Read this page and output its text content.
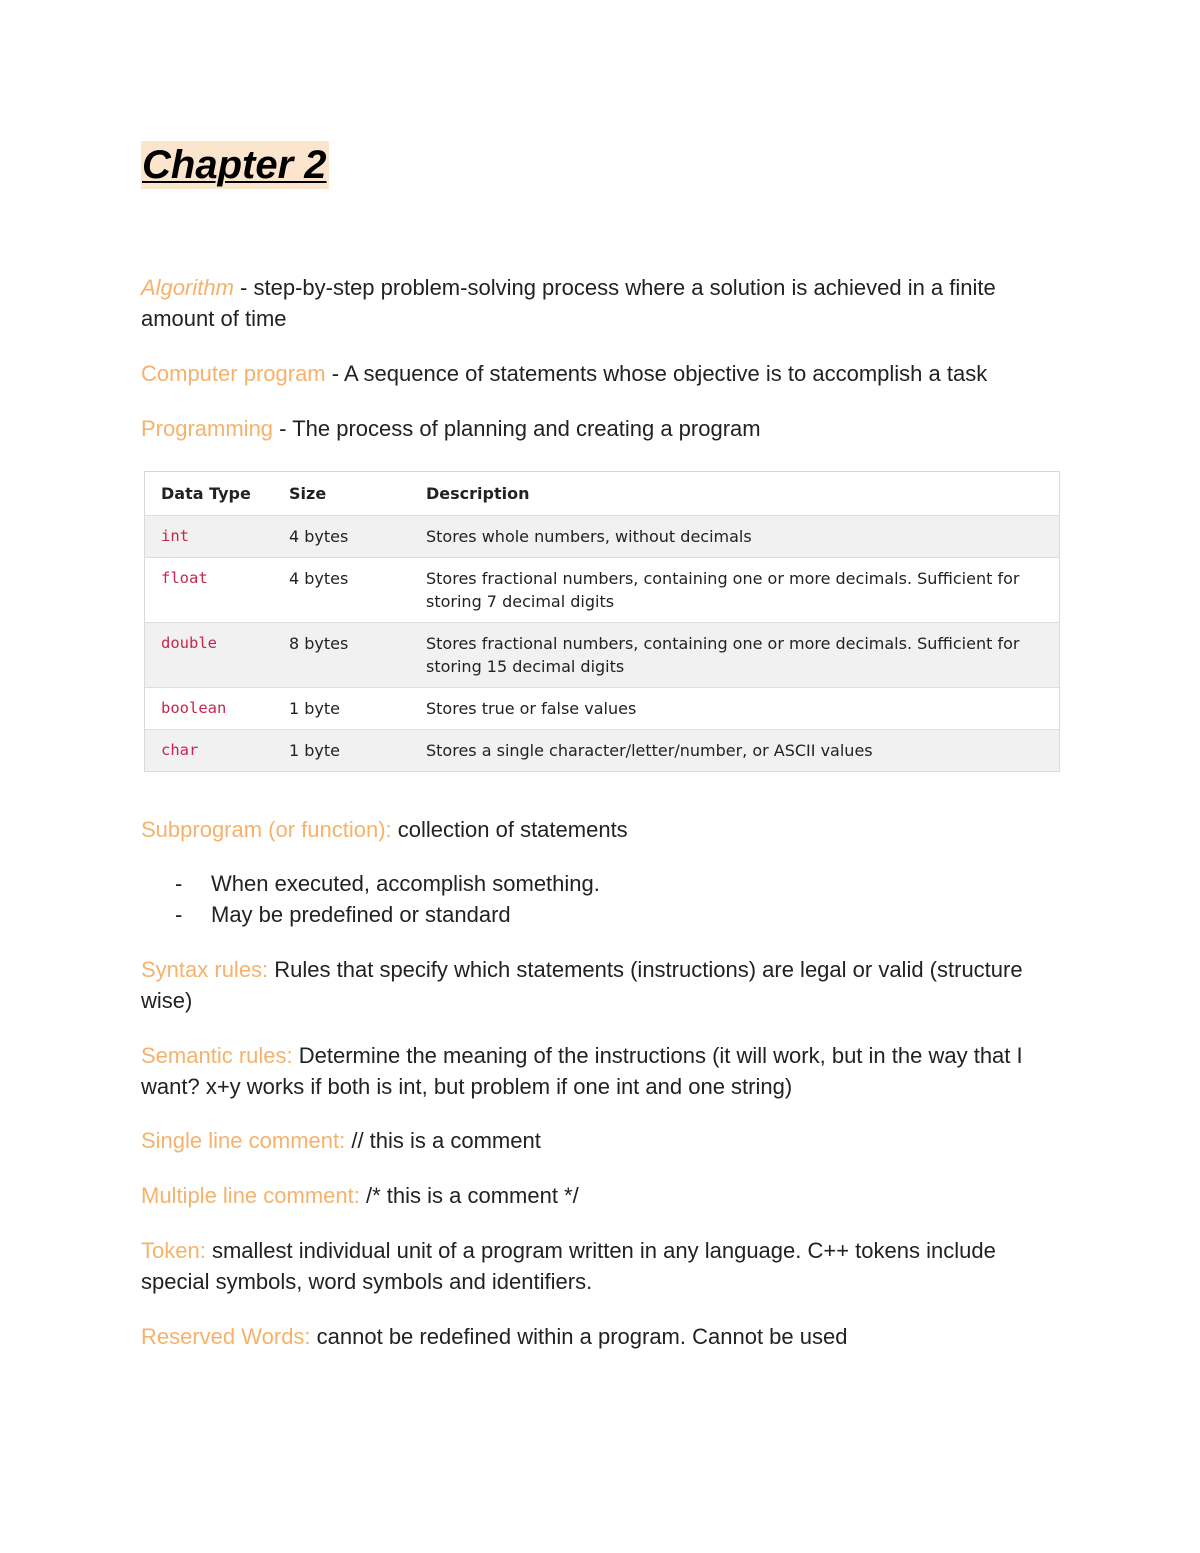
Chapter 2

Algorithm - step-by-step problem-solving process where a solution is achieved in a finite amount of time

Computer program - A sequence of statements whose objective is to accomplish a task

Programming - The process of planning and creating a program

Data Type	Size	Description
int	4 bytes	Stores whole numbers, without decimals
float	4 bytes	Stores fractional numbers, containing one or more decimals. Sufficient for storing 7 decimal digits
double	8 bytes	Stores fractional numbers, containing one or more decimals. Sufficient for storing 15 decimal digits
boolean	1 byte	Stores true or false values
char	1 byte	Stores a single character/letter/number, or ASCII values

Subprogram (or function): collection of statements

- When executed, accomplish something.
- May be predefined or standard

Syntax rules: Rules that specify which statements (instructions) are legal or valid (structure wise)

Semantic rules: Determine the meaning of the instructions (it will work, but in the way that I want? x+y works if both is int, but problem if one int and one string)

Single line comment: // this is a comment

Multiple line comment: /* this is a comment */

Token: smallest individual unit of a program written in any language. C++ tokens include special symbols, word symbols and identifiers.

Reserved Words: cannot be redefined within a program. Cannot be used
